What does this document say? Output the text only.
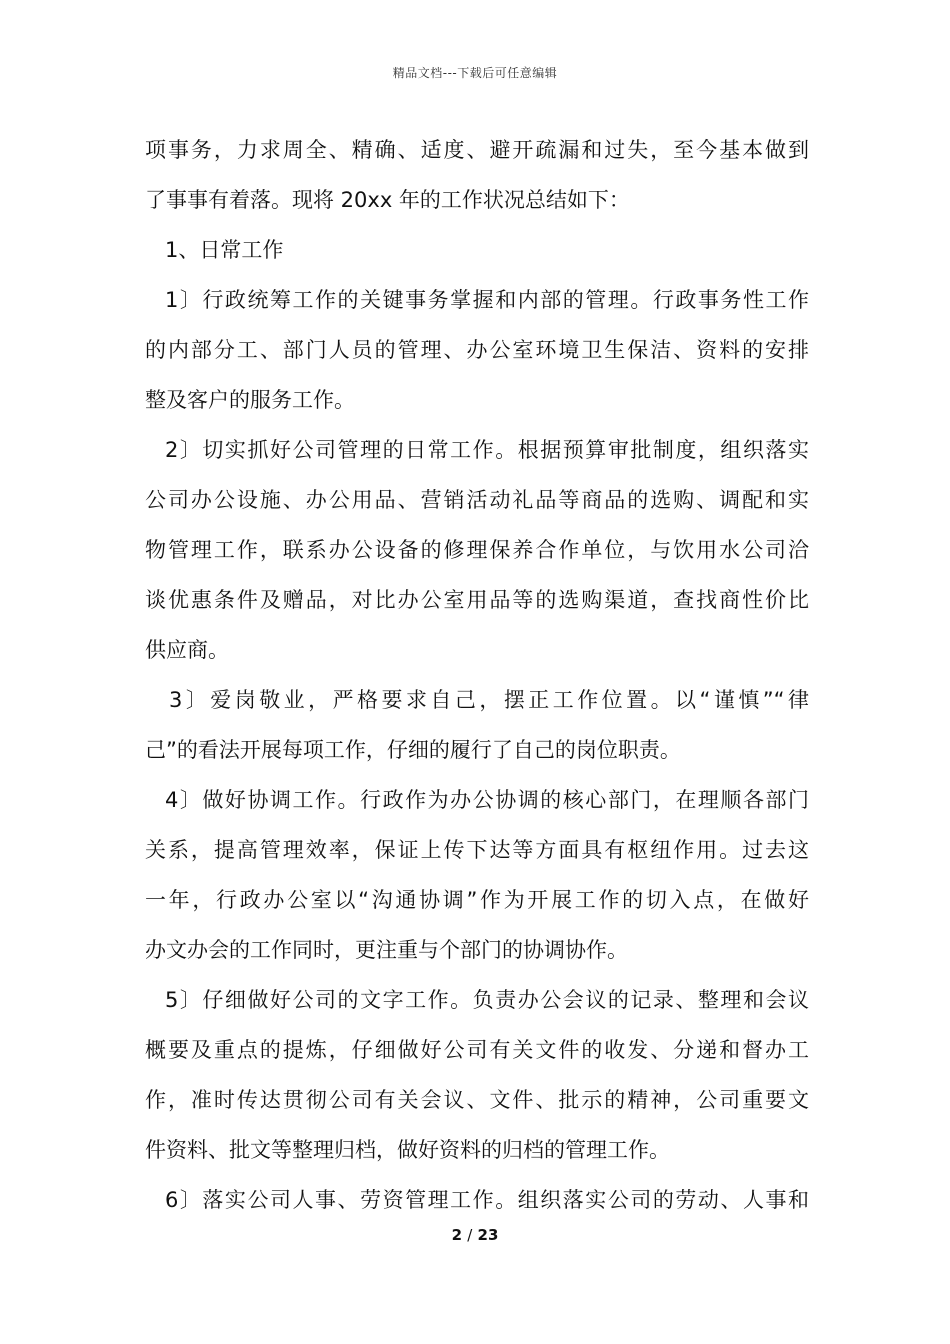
精品文档---下载后可任意编辑
项事务，力求周全、精确、适度、避开疏漏和过失，至今基本做到
了事事有着落。现将 20xx 年的工作状况总结如下：
1、日常工作
1〕行政统筹工作的关键事务掌握和内部的管理。行政事务性工作
的内部分工、部门人员的管理、办公室环境卫生保洁、资料的安排
整及客户的服务工作。
2〕切实抓好公司管理的日常工作。根据预算审批制度，组织落实
公司办公设施、办公用品、营销活动礼品等商品的选购、调配和实
物管理工作，联系办公设备的修理保养合作单位，与饮用水公司洽
谈优惠条件及赠品，对比办公室用品等的选购渠道，查找商性价比
供应商。
3〕爱岗敬业，严格要求自己，摆正工作位置。以“谨慎”“律
己”的看法开展每项工作，仔细的履行了自己的岗位职责。
4〕做好协调工作。行政作为办公协调的核心部门，在理顺各部门
关系，提高管理效率，保证上传下达等方面具有枢纽作用。过去这
一年，行政办公室以“沟通协调”作为开展工作的切入点，在做好
办文办会的工作同时，更注重与个部门的协调协作。
5〕仔细做好公司的文字工作。负责办公会议的记录、整理和会议
概要及重点的提炼，仔细做好公司有关文件的收发、分递和督办工
作，准时传达贯彻公司有关会议、文件、批示的精神，公司重要文
件资料、批文等整理归档，做好资料的归档的管理工作。
6〕落实公司人事、劳资管理工作。组织落实公司的劳动、人事和
2 / 23
